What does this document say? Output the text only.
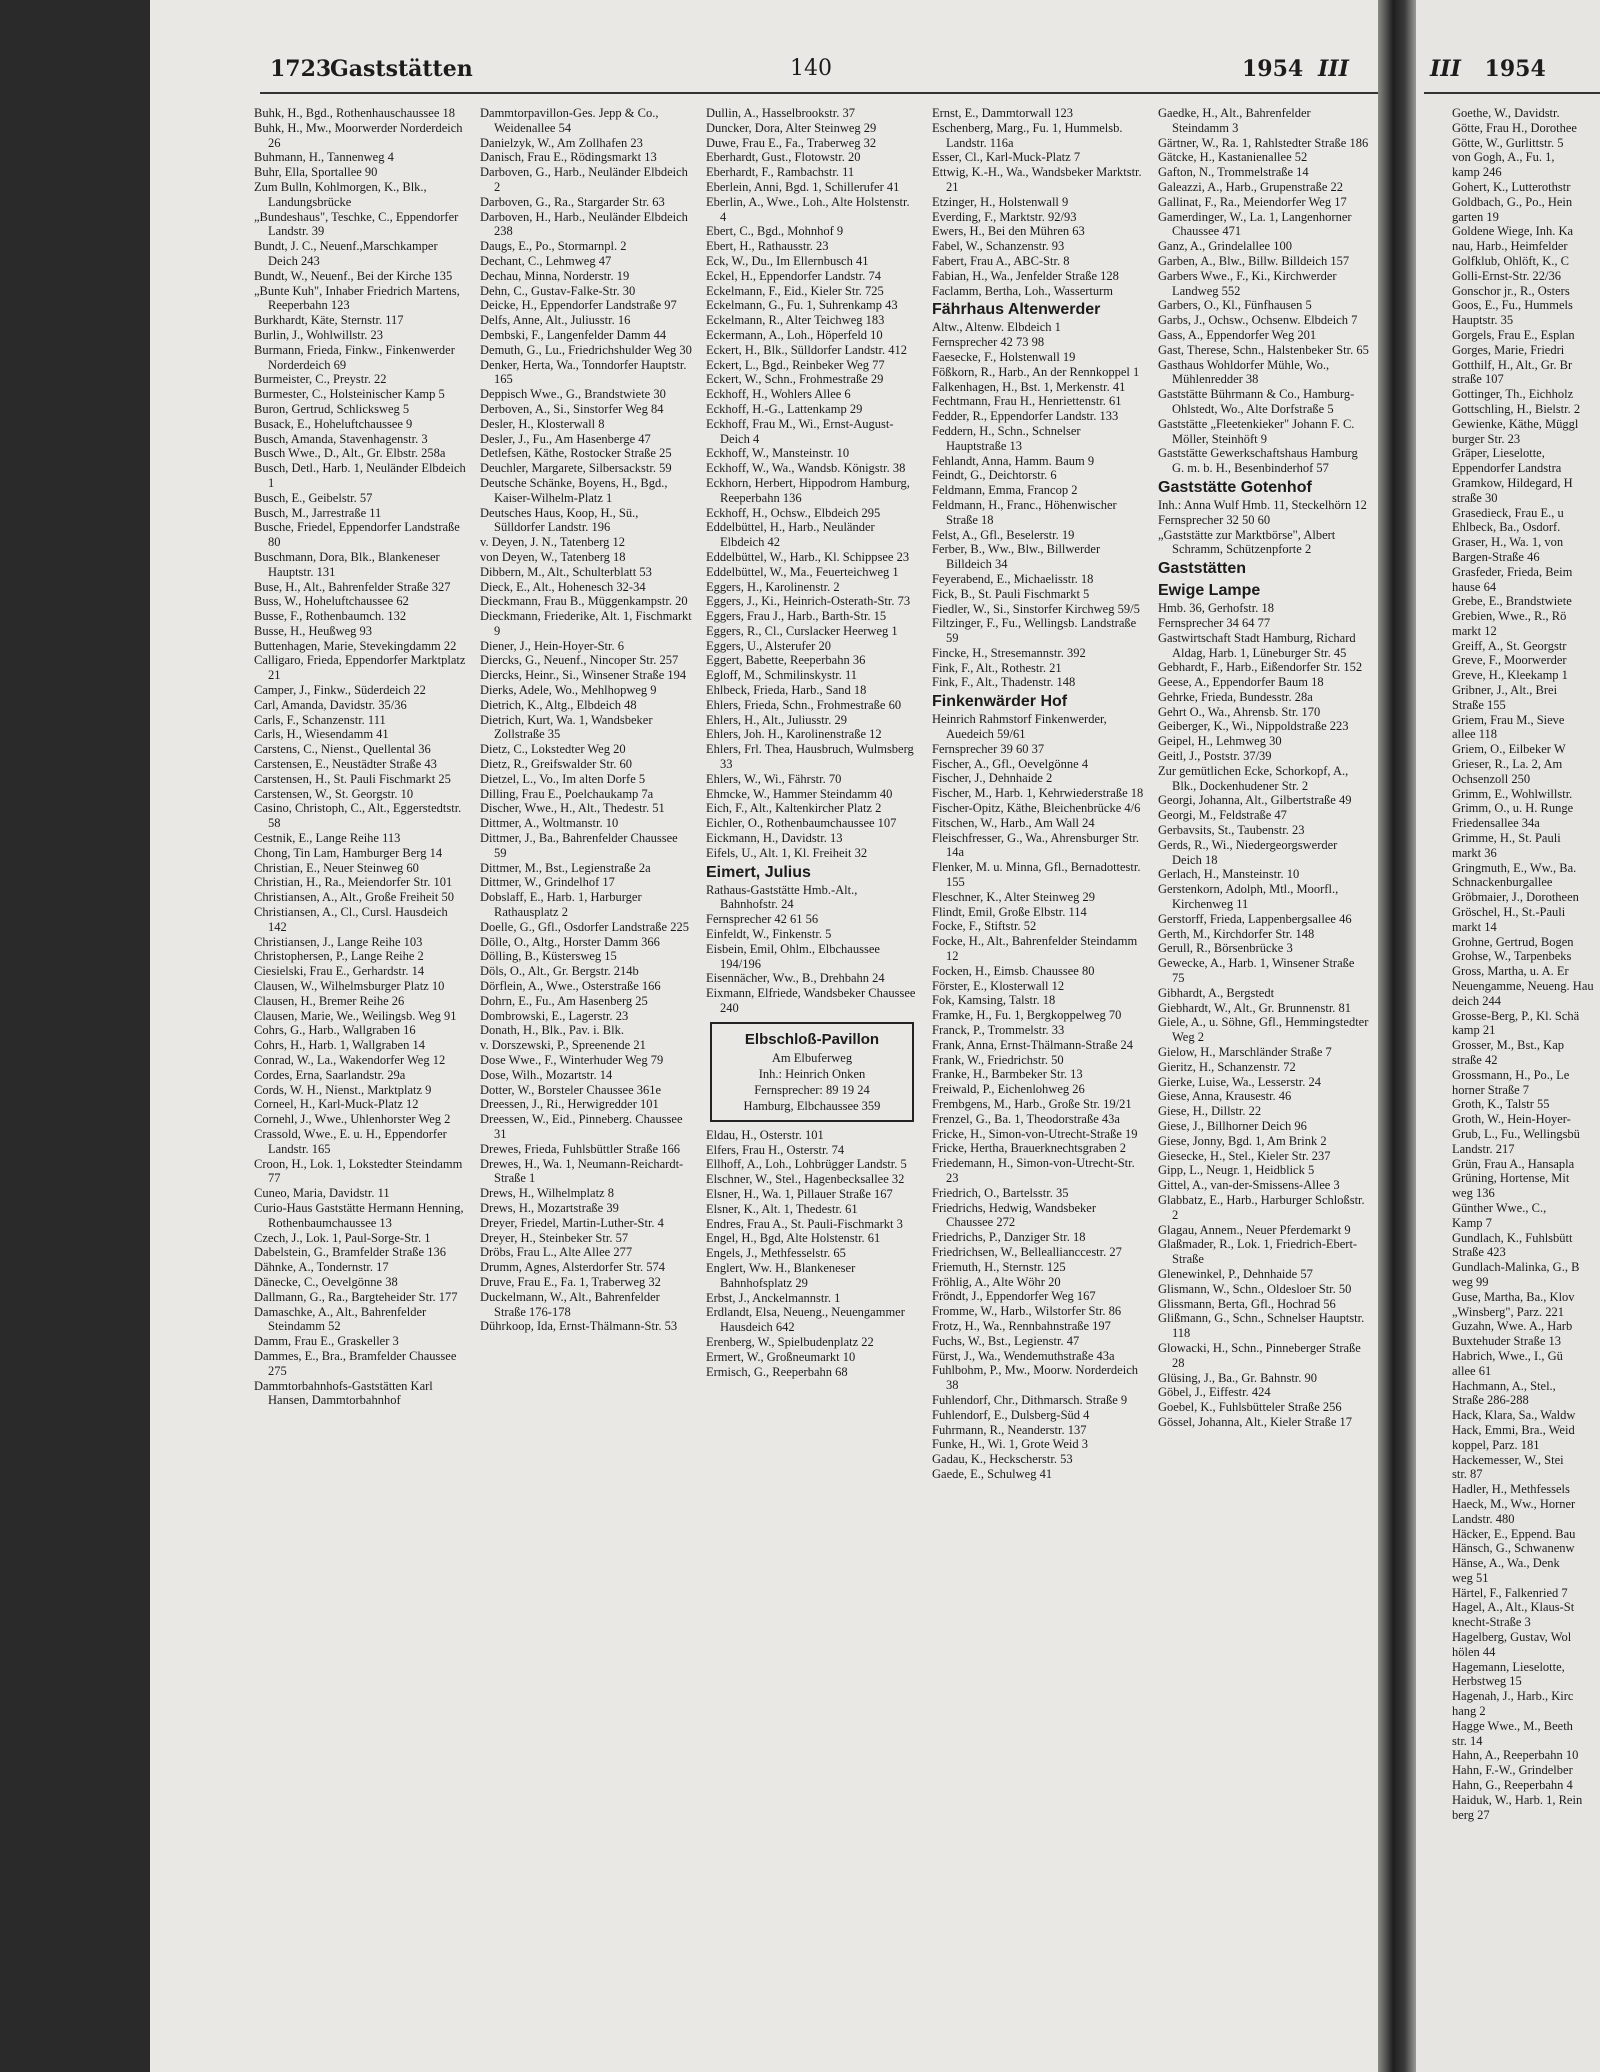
1723
Gaststätten	140	1954 III
Buhk, H., Bgd., Rothenhauschaussee 18
Buhk, H., Mw., Moorwerder Norderdeich 26
Buhmann, H., Tannenweg 4
Buhr, Ella, Sportallee 90
Zum Bulln, Kohlmorgen, K., Blk., Landungsbrücke
„Bundeshaus", Teschke, C., Eppendorfer Landstr. 39
Bundt, J. C., Neuenf.,Marschkamper Deich 243
Bundt, W., Neuenf., Bei der Kirche 135
„Bunte Kuh", Inhaber Friedrich Martens, Reeperbahn 123
Burkhardt, Käte, Sternstr. 117
Burlin, J., Wohlwillstr. 23
Burmann, Frieda, Finkw., Finkenwerder Norderdeich 69
Burmeister, C., Preystr. 22
Burmester, C., Holsteinischer Kamp 5
Buron, Gertrud, Schlicksweg 5
Busack, E., Hoheluftchaussee 9
Busch, Amanda, Stavenhagenstr. 3
Busch Wwe., D., Alt., Gr. Elbstr. 258a
Busch, Detl., Harb. 1, Neuländer Elbdeich 1
Busch, E., Geibelstr. 57
Busch, M., Jarrestraße 11
Busche, Friedel, Eppendorfer Landstraße 80
Buschmann, Dora, Blk., Blankeneser Hauptstr. 131
Buse, H., Alt., Bahrenfelder Straße 327
Buss, W., Hoheluftchaussee 62
Busse, F., Rothenbaumch. 132
Busse, H., Heußweg 93
Buttenhagen, Marie, Stevekingdamm 22
Calligaro, Frieda, Eppendorfer Marktplatz 21
Camper, J., Finkw., Süderdeich 22
Carl, Amanda, Davidstr. 35/36
Carls, F., Schanzenstr. 111
Carls, H., Wiesendamm 41
Carstens, C., Nienst., Quellental 36
Carstensen, E., Neustädter Straße 43
Carstensen, H., St. Pauli Fischmarkt 25
Carstensen, W., St. Georgstr. 10
Casino, Christoph, C., Alt., Eggerstedtstr. 58
Cestnik, E., Lange Reihe 113
Chong, Tin Lam, Hamburger Berg 14
Christian, E., Neuer Steinweg 60
Christian, H., Ra., Meiendorfer Str. 101
Christiansen, A., Alt., Große Freiheit 50
Christiansen, A., Cl., Cursl. Hausdeich 142
Christiansen, J., Lange Reihe 103
Christophersen, P., Lange Reihe 2
Ciesielski, Frau E., Gerhardstr. 14
Clausen, W., Wilhelmsburger Platz 10
Clausen, H., Bremer Reihe 26
Clausen, Marie, We., Weilingsb. Weg 91
Cohrs, G., Harb., Wallgraben 16
Cohrs, H., Harb. 1, Wallgraben 14
Conrad, W., La., Wakendorfer Weg 12
Cordes, Erna, Saarlandstr. 29a
Cords, W. H., Nienst., Marktplatz 9
Corneel, H., Karl-Muck-Platz 12
Cornehl, J., Wwe., Uhlenhorster Weg 2
Crassold, Wwe., E. u. H., Eppendorfer Landstr. 165
Croon, H., Lok. 1, Lokstedter Steindamm 77
Cuneo, Maria, Davidstr. 11
Curio-Haus Gaststätte Hermann Henning, Rothenbaumchaussee 13
Czech, J., Lok. 1, Paul-Sorge-Str. 1
Dabelstein, G., Bramfelder Straße 136
Dähnke, A., Tondernstr. 17
Dänecke, C., Oevelgönne 38
Dallmann, G., Ra., Bargteheider Str. 177
Damaschke, A., Alt., Bahrenfelder Steindamm 52
Damm, Frau E., Graskeller 3
Dammes, E., Bra., Bramfelder Chaussee 275
Dammtorbahnhofs-Gaststätten Karl Hansen, Dammtorbahnhof
Dammtorpavillon-Ges. Jepp & Co., Weidenallee 54
Danielzyk, W., Am Zollhafen 23
Danisch, Frau E., Rödingsmarkt 13
Darboven, G., Harb., Neuländer Elbdeich 2
Darboven, G., Ra., Stargarder Str. 63
Darboven, H., Harb., Neuländer Elbdeich 238
Daugs, E., Po., Stormarnpl. 2
Dechant, C., Lehmweg 47
Dechau, Minna, Norderstr. 19
Dehn, C., Gustav-Falke-Str. 30
Deicke, H., Eppendorfer Landstraße 97
Delfs, Anne, Alt., Juliusstr. 16
Dembski, F., Langenfelder Damm 44
Demuth, G., Lu., Friedrichshulder Weg 30
Denker, Herta, Wa., Tonndorfer Hauptstr. 165
Deppisch Wwe., G., Brandstwiete 30
Derboven, A., Si., Sinstorfer Weg 84
Desler, H., Klosterwall 8
Desler, J., Fu., Am Hasenberge 47
Detlefsen, Käthe, Rostocker Straße 25
Deuchler, Margarete, Silbersackstr. 59
Deutsche Schänke, Boyens, H., Bgd., Kaiser-Wilhelm-Platz 1
Deutsches Haus, Koop, H., Sü., Sülldorfer Landstr. 196
v. Deyen, J. N., Tatenberg 12
von Deyen, W., Tatenberg 18
Dibbern, M., Alt., Schulterblatt 53
Dieck, E., Alt., Hohenesch 32-34
Dieckmann, Frau B., Müggenkampstr. 20
Dieckmann, Friederike, Alt. 1, Fischmarkt 9
Diener, J., Hein-Hoyer-Str. 6
Diercks, G., Neuenf., Nincoper Str. 257
Diercks, Heinr., Si., Winsener Straße 194
Dierks, Adele, Wo., Mehlhopweg 9
Dietrich, K., Altg., Elbdeich 48
Dietrich, Kurt, Wa. 1, Wandsbeker Zollstraße 35
Dietz, C., Lokstedter Weg 20
Dietz, R., Greifswalder Str. 60
Dietzel, L., Vo., Im alten Dorfe 5
Dilling, Frau E., Poelchaukamp 7a
Discher, Wwe., H., Alt., Thedestr. 51
Dittmer, A., Woltmanstr. 10
Dittmer, J., Ba., Bahrenfelder Chaussee 59
Dittmer, M., Bst., Legienstraße 2a
Dittmer, W., Grindelhof 17
Dobslaff, E., Harb. 1, Harburger Rathausplatz 2
Doelle, G., Gfl., Osdorfer Landstraße 225
Dölle, O., Altg., Horster Damm 366
Dölling, B., Küstersweg 15
Döls, O., Alt., Gr. Bergstr. 214b
Dörflein, A., Wwe., Osterstraße 166
Dohrn, E., Fu., Am Hasenberg 25
Dombrowski, E., Lagerstr. 23
Donath, H., Blk., Pav. i. Blk.
v. Dorszewski, P., Spreenende 21
Dose Wwe., F., Winterhuder Weg 79
Dose, Wilh., Mozartstr. 14
Dotter, W., Borsteler Chaussee 361e
Dreessen, J., Ri., Herwigredder 101
Dreessen, W., Eid., Pinneberg. Chaussee 31
Drewes, Frieda, Fuhlsbüttler Straße 166
Drewes, H., Wa. 1, Neumann-Reichardt-Straße 1
Drews, H., Wilhelmplatz 8
Drews, H., Mozartstraße 39
Dreyer, Friedel, Martin-Luther-Str. 4
Dreyer, H., Steinbeker Str. 57
Dröbs, Frau L., Alte Allee 277
Drumm, Agnes, Alsterdorfer Str. 574
Druve, Frau E., Fa. 1, Traberweg 32
Duckelmann, W., Alt., Bahrenfelder Straße 176-178
Dührkoop, Ida, Ernst-Thälmann-Str. 53
Dullin, A., Hasselbrookstr. 37
Duncker, Dora, Alter Steinweg 29
Duwe, Frau E., Fa., Traberweg 32
Eberhardt, Gust., Flotowstr. 20
Eberhardt, F., Rambachstr. 11
Eberlein, Anni, Bgd. 1, Schillerufer 41
Eberlin, A., Wwe., Loh., Alte Holstenstr. 4
Ebert, C., Bgd., Mohnhof 9
Ebert, H., Rathausstr. 23
Eck, W., Du., Im Ellernbusch 41
Eckel, H., Eppendorfer Landstr. 74
Eckelmann, F., Eid., Kieler Str. 725
Eckelmann, G., Fu. 1, Suhrenkamp 43
Eckelmann, R., Alter Teichweg 183
Eckermann, A., Loh., Höperfeld 10
Eckert, H., Blk., Sülldorfer Landstr. 412
Eckert, L., Bgd., Reinbeker Weg 77
Eckert, W., Schn., Frohmestraße 29
Eckhoff, H., Wohlers Allee 6
Eckhoff, H.-G., Lattenkamp 29
Eckhoff, Frau M., Wi., Ernst-August-Deich 4
Eckhoff, W., Mansteinstr. 10
Eckhoff, W., Wa., Wandsb. Königstr. 38
Eckhorn, Herbert, Hippodrom Hamburg, Reeperbahn 136
Eckhoff, H., Ochsw., Elbdeich 295
Eddelbüttel, H., Harb., Neuländer Elbdeich 42
Eddelbüttel, W., Harb., Kl. Schippsee 23
Eddelbüttel, W., Ma., Feuerteichweg 1
Eggers, H., Karolinenstr. 2
Eggers, J., Ki., Heinrich-Osterath-Str. 73
Eggers, Frau J., Harb., Barth-Str. 15
Eggers, R., Cl., Curslacker Heerweg 1
Eggers, U., Alsterufer 20
Eggert, Babette, Reeperbahn 36
Egloff, M., Schmilinskystr. 11
Ehlbeck, Frieda, Harb., Sand 18
Ehlers, Frieda, Schn., Frohmestraße 60
Ehlers, H., Alt., Juliusstr. 29
Ehlers, Joh. H., Karolinenstraße 12
Ehlers, Frl. Thea, Hausbruch, Wulmsberg 33
Ehlers, W., Wi., Fährstr. 70
Ehmcke, W., Hammer Steindamm 40
Eich, F., Alt., Kaltenkircher Platz 2
Eichler, O., Rothenbaumchaussee 107
Eickmann, H., Davidstr. 13
Eifels, U., Alt. 1, Kl. Freiheit 32
Eimert, Julius
Rathaus-Gaststätte Hmb.-Alt., Bahnhofstr. 24
Fernsprecher 42 61 56
Einfeldt, W., Finkenstr. 5
Eisbein, Emil, Ohlm., Elbchaussee 194/196
Eisennächer, Ww., B., Drehbahn 24
Eixmann, Elfriede, Wandsbeker Chaussee 240
Elbschloß-Pavillon
Am Elbuferweg
Inh.: Heinrich Onken
Fernsprecher: 89 19 24
Hamburg, Elbchaussee 359
Eldau, H., Osterstr. 101
Elfers, Frau H., Osterstr. 74
Ellhoff, A., Loh., Lohbrügger Landstr. 5
Elschner, W., Stel., Hagenbecksallee 32
Elsner, H., Wa. 1, Pillauer Straße 167
Elsner, K., Alt. 1, Thedestr. 61
Endres, Frau A., St. Pauli-Fischmarkt 3
Engel, H., Bgd, Alte Holstenstr. 61
Engels, J., Methfesselstr. 65
Englert, Ww. H., Blankeneser Bahnhofsplatz 29
Erbst, J., Anckelmannstr. 1
Erdlandt, Elsa, Neueng., Neuengammer Hausdeich 642
Erenberg, W., Spielbudenplatz 22
Ermert, W., Großneumarkt 10
Ermisch, G., Reeperbahn 68
Ernst, E., Dammtorwall 123
Eschenberg, Marg., Fu. 1, Hummelsb. Landstr. 116a
Esser, Cl., Karl-Muck-Platz 7
Ettwig, K.-H., Wa., Wandsbeker Marktstr. 21
Etzinger, H., Holstenwall 9
Everding, F., Marktstr. 92/93
Ewers, H., Bei den Mühren 63
Fabel, W., Schanzenstr. 93
Fabert, Frau A., ABC-Str. 8
Fabian, H., Wa., Jenfelder Straße 128
Faclamm, Bertha, Loh., Wasserturm
Fährhaus Altenwerder
Altw., Altenw. Elbdeich 1
Fernsprecher 42 73 98
Faesecke, F., Holstenwall 19
Fößkorn, R., Harb., An der Rennkoppel 1
Falkenhagen, H., Bst. 1, Merkenstr. 41
Fechtmann, Frau H., Henriettenstr. 61
Fedder, R., Eppendorfer Landstr. 133
Feddern, H., Schn., Schnelser Hauptstraße 13
Fehlandt, Anna, Hamm. Baum 9
Feindt, G., Deichtorstr. 6
Feldmann, Emma, Francop 2
Feldmann, H., Franc., Höhenwischer Straße 18
Felst, A., Gfl., Beselerstr. 19
Ferber, B., Ww., Blw., Billwerder Billdeich 34
Feyerabend, E., Michaelisstr. 18
Fick, B., St. Pauli Fischmarkt 5
Fiedler, W., Si., Sinstorfer Kirchweg 59/5
Filtzinger, F., Fu., Wellingsb. Landstraße 59
Fincke, H., Stresemannstr. 392
Fink, F., Alt., Rothestr. 21
Fink, F., Alt., Thadenstr. 148
Finkenwärder Hof
Heinrich Rahmstorf Finkenwerder, Auedeich 59/61
Fernsprecher 39 60 37
Fischer, A., Gfl., Oevelgönne 4
Fischer, J., Dehnhaide 2
Fischer, M., Harb. 1, Kehrwiederstraße 18
Fischer-Opitz, Käthe, Bleichenbrücke 4/6
Fitschen, W., Harb., Am Wall 24
Fleischfresser, G., Wa., Ahrensburger Str. 14a
Flenker, M. u. Minna, Gfl., Bernadottestr. 155
Fleschner, K., Alter Steinweg 29
Flindt, Emil, Große Elbstr. 114
Focke, F., Stiftstr. 52
Focke, H., Alt., Bahrenfelder Steindamm 12
Focken, H., Eimsb. Chaussee 80
Förster, E., Klosterwall 12
Fok, Kamsing, Talstr. 18
Framke, H., Fu. 1, Bergkoppelweg 70
Franck, P., Trommelstr. 33
Frank, Anna, Ernst-Thälmann-Straße 24
Frank, W., Friedrichstr. 50
Franke, H., Barmbeker Str. 13
Freiwald, P., Eichenlohweg 26
Frembgens, M., Harb., Große Str. 19/21
Frenzel, G., Ba. 1, Theodorstraße 43a
Fricke, H., Simon-von-Utrecht-Straße 19
Fricke, Hertha, Brauerknechtsgraben 2
Friedemann, H., Simon-von-Utrecht-Str. 23
Friedrich, O., Bartelsstr. 35
Friedrichs, Hedwig, Wandsbeker Chaussee 272
Friedrichs, P., Danziger Str. 18
Friedrichsen, W., Belleallianccestr. 27
Friemuth, H., Sternstr. 125
Fröhlig, A., Alte Wöhr 20
Fröndt, J., Eppendorfer Weg 167
Fromme, W., Harb., Wilstorfer Str. 86
Frotz, H., Wa., Rennbahnstraße 197
Fuchs, W., Bst., Legienstr. 47
Fürst, J., Wa., Wendemuthstraße 43a
Fuhlbohm, P., Mw., Moorw. Norderdeich 38
Fuhlendorf, Chr., Dithmarsch. Straße 9
Fuhlendorf, E., Dulsberg-Süd 4
Fuhrmann, R., Neanderstr. 137
Funke, H., Wi. 1, Grote Weid 3
Gadau, K., Heckscherstr. 53
Gaede, E., Schulweg 41
Gaedke, H., Alt., Bahrenfelder Steindamm 3
Gärtner, W., Ra. 1, Rahlstedter Straße 186
Gätcke, H., Kastanienallee 52
Gafton, N., Trommelstraße 14
Galeazzi, A., Harb., Grupenstraße 22
Gallinat, F., Ra., Meiendorfer Weg 17
Gamerdinger, W., La. 1, Langenhorner Chaussee 471
Ganz, A., Grindelallee 100
Garben, A., Blw., Billw. Billdeich 157
Garbers Wwe., F., Ki., Kirchwerder Landweg 552
Garbers, O., Kl., Fünfhausen 5
Garbs, J., Ochsw., Ochsenw. Elbdeich 7
Gass, A., Eppendorfer Weg 201
Gast, Therese, Schn., Halstenbeker Str. 65
Gasthaus Wohldorfer Mühle, Wo., Mühlenredder 38
Gaststätte Bührmann & Co., Hamburg-Ohlstedt, Wo., Alte Dorfstraße 5
Gaststätte „Fleetenkieker" Johann F. C. Möller, Steinhöft 9
Gaststätte Gewerkschaftshaus Hamburg G. m. b. H., Besenbinderhof 57
Gaststätte Gotenhof
Inh.: Anna Wulf Hmb. 11, Steckelhörn 12
Fernsprecher 32 50 60
„Gaststätte zur Marktbörse", Albert Schramm, Schützenpforte 2
Gaststätten
Ewige Lampe
Hmb. 36, Gerhofstr. 18
Fernsprecher 34 64 77
Gastwirtschaft Stadt Hamburg, Richard Aldag, Harb. 1, Lüneburger Str. 45
Gebhardt, F., Harb., Eißendorfer Str. 152
Geese, A., Eppendorfer Baum 18
Gehrke, Frieda, Bundesstr. 28a
Gehrt O., Wa., Ahrensb. Str. 170
Geiberger, K., Wi., Nippoldstraße 223
Geipel, H., Lehmweg 30
Geitl, J., Poststr. 37/39
Zur gemütlichen Ecke, Schorkopf, A., Blk., Dockenhudener Str. 2
Georgi, Johanna, Alt., Gilbertstraße 49
Georgi, M., Feldstraße 47
Gerbavsits, St., Taubenstr. 23
Gerds, R., Wi., Niedergeorgswerder Deich 18
Gerlach, H., Mansteinstr. 10
Gerstenkorn, Adolph, Mtl., Moorfl., Kirchenweg 11
Gerstorff, Frieda, Lappenbergsallee 46
Gerth, M., Kirchdorfer Str. 148
Gerull, R., Börsenbrücke 3
Gewecke, A., Harb. 1, Winsener Straße 75
Gibhardt, A., Bergstedt
Giebhardt, W., Alt., Gr. Brunnenstr. 81
Giele, A., u. Söhne, Gfl., Hemmingstedter Weg 2
Gielow, H., Marschländer Straße 7
Gieritz, H., Schanzenstr. 72
Gierke, Luise, Wa., Lesserstr. 24
Giese, Anna, Krausestr. 46
Giese, H., Dillstr. 22
Giese, J., Billhorner Deich 96
Giese, Jonny, Bgd. 1, Am Brink 2
Giesecke, H., Stel., Kieler Str. 237
Gipp, L., Neugr. 1, Heidblick 5
Gittel, A., van-der-Smissens-Allee 3
Glabbatz, E., Harb., Harburger Schloßstr. 2
Glagau, Annem., Neuer Pferdemarkt 9
Glaßmader, R., Lok. 1, Friedrich-Ebert-Straße
Glenewinkel, P., Dehnhaide 57
Glismann, W., Schn., Oldesloer Str. 50
Glissmann, Berta, Gfl., Hochrad 56
Glißmann, G., Schn., Schnelser Hauptstr. 118
Glowacki, H., Schn., Pinneberger Straße 28
Glüsing, J., Ba., Gr. Bahnstr. 90
Göbel, J., Eiffestr. 424
Goebel, K., Fuhlsbütteler Straße 256
Gössel, Johanna, Alt., Kieler Straße 17
III 1954
Goethe, W., Davidstr.
Götte, Frau H., Dorothee
Götte, W., Gurlittstr. 5
von Gogh, A., Fu. 1,
kamp 246
Gohert, K., Lutterothstr
Goldbach, G., Po., Hein
garten 19
Goldene Wiege, Inh. Ka
nau, Harb., Heimfelder
Golfklub, Ohlöft, K., C
Golli-Ernst-Str. 22/36
Gonschor jr., R., Osters
Goos, E., Fu., Hummels
Hauptstr. 35
Gorgels, Frau E., Esplan
Gorges, Marie, Friedri
Gotthilf, H., Alt., Gr. Br
straße 107
Gottinger, Th., Eichholz
Gottschling, H., Bielstr. 2
Gewienke, Käthe, Müggl
burger Str. 23
Gräper, Lieselotte,
Eppendorfer Landstra
Gramkow, Hildegard, H
straße 30
Grasedieck, Frau E., u
Ehlbeck, Ba., Osdorf.
Graser, H., Wa. 1, von
Bargen-Straße 46
Grasfeder, Frieda, Beim
hause 64
Grebe, E., Brandstwiete
Grebien, Wwe., R., Rö
markt 12
Greiff, A., St. Georgstr
Greve, F., Moorwerder
Greve, H., Kleekamp 1
Gribner, J., Alt., Brei
Straße 155
Griem, Frau M., Sieve
allee 118
Griem, O., Eilbeker W
Grieser, R., La. 2, Am
Ochsenzoll 250
Grimm, E., Wohlwillstr.
Grimm, O., u. H. Runge
Friedensallee 34a
Grimme, H., St. Pauli
markt 36
Gringmuth, E., Ww., Ba.
Schnackenburgallee
Gröbmaier, J., Dorotheen
Gröschel, H., St.-Pauli
markt 14
Grohne, Gertrud, Bogen
Grohse, W., Tarpenbeks
Gross, Martha, u. A. Er
Neuengamme, Neueng. Hau
deich 244
Grosse-Berg, P., Kl. Schä
kamp 21
Grosser, M., Bst., Kap
straße 42
Grossmann, H., Po., Le
horner Straße 7
Groth, K., Talstr 55
Groth, W., Hein-Hoyer-
Grub, L., Fu., Wellingsbü
Landstr. 217
Grün, Frau A., Hansapla
Grüning, Hortense, Mit
weg 136
Günther Wwe., C.,
Kamp 7
Gundlach, K., Fuhlsbütt
Straße 423
Gundlach-Malinka, G., B
weg 99
Guse, Martha, Ba., Klov
„Winsberg", Parz. 221
Guzahn, Wwe. A., Harb
Buxtehuder Straße 13
Habrich, Wwe., I., Gü
allee 61
Hachmann, A., Stel.,
Straße 286-288
Hack, Klara, Sa., Waldw
Hack, Emmi, Bra., Weid
koppel, Parz. 181
Hackemesser, W., Stei
str. 87
Hadler, H., Methfessels
Haeck, M., Ww., Horner
Landstr. 480
Häcker, E., Eppend. Bau
Hänsch, G., Schwanenw
Hänse, A., Wa., Denk
weg 51
Härtel, F., Falkenried 7
Hagel, A., Alt., Klaus-St
knecht-Straße 3
Hagelberg, Gustav, Wol
hölen 44
Hagemann, Lieselotte,
Herbstweg 15
Hagenah, J., Harb., Kirc
hang 2
Hagge Wwe., M., Beeth
str. 14
Hahn, A., Reeperbahn 10
Hahn, F.-W., Grindelber
Hahn, G., Reeperbahn 4
Haiduk, W., Harb. 1, Rein
berg 27
